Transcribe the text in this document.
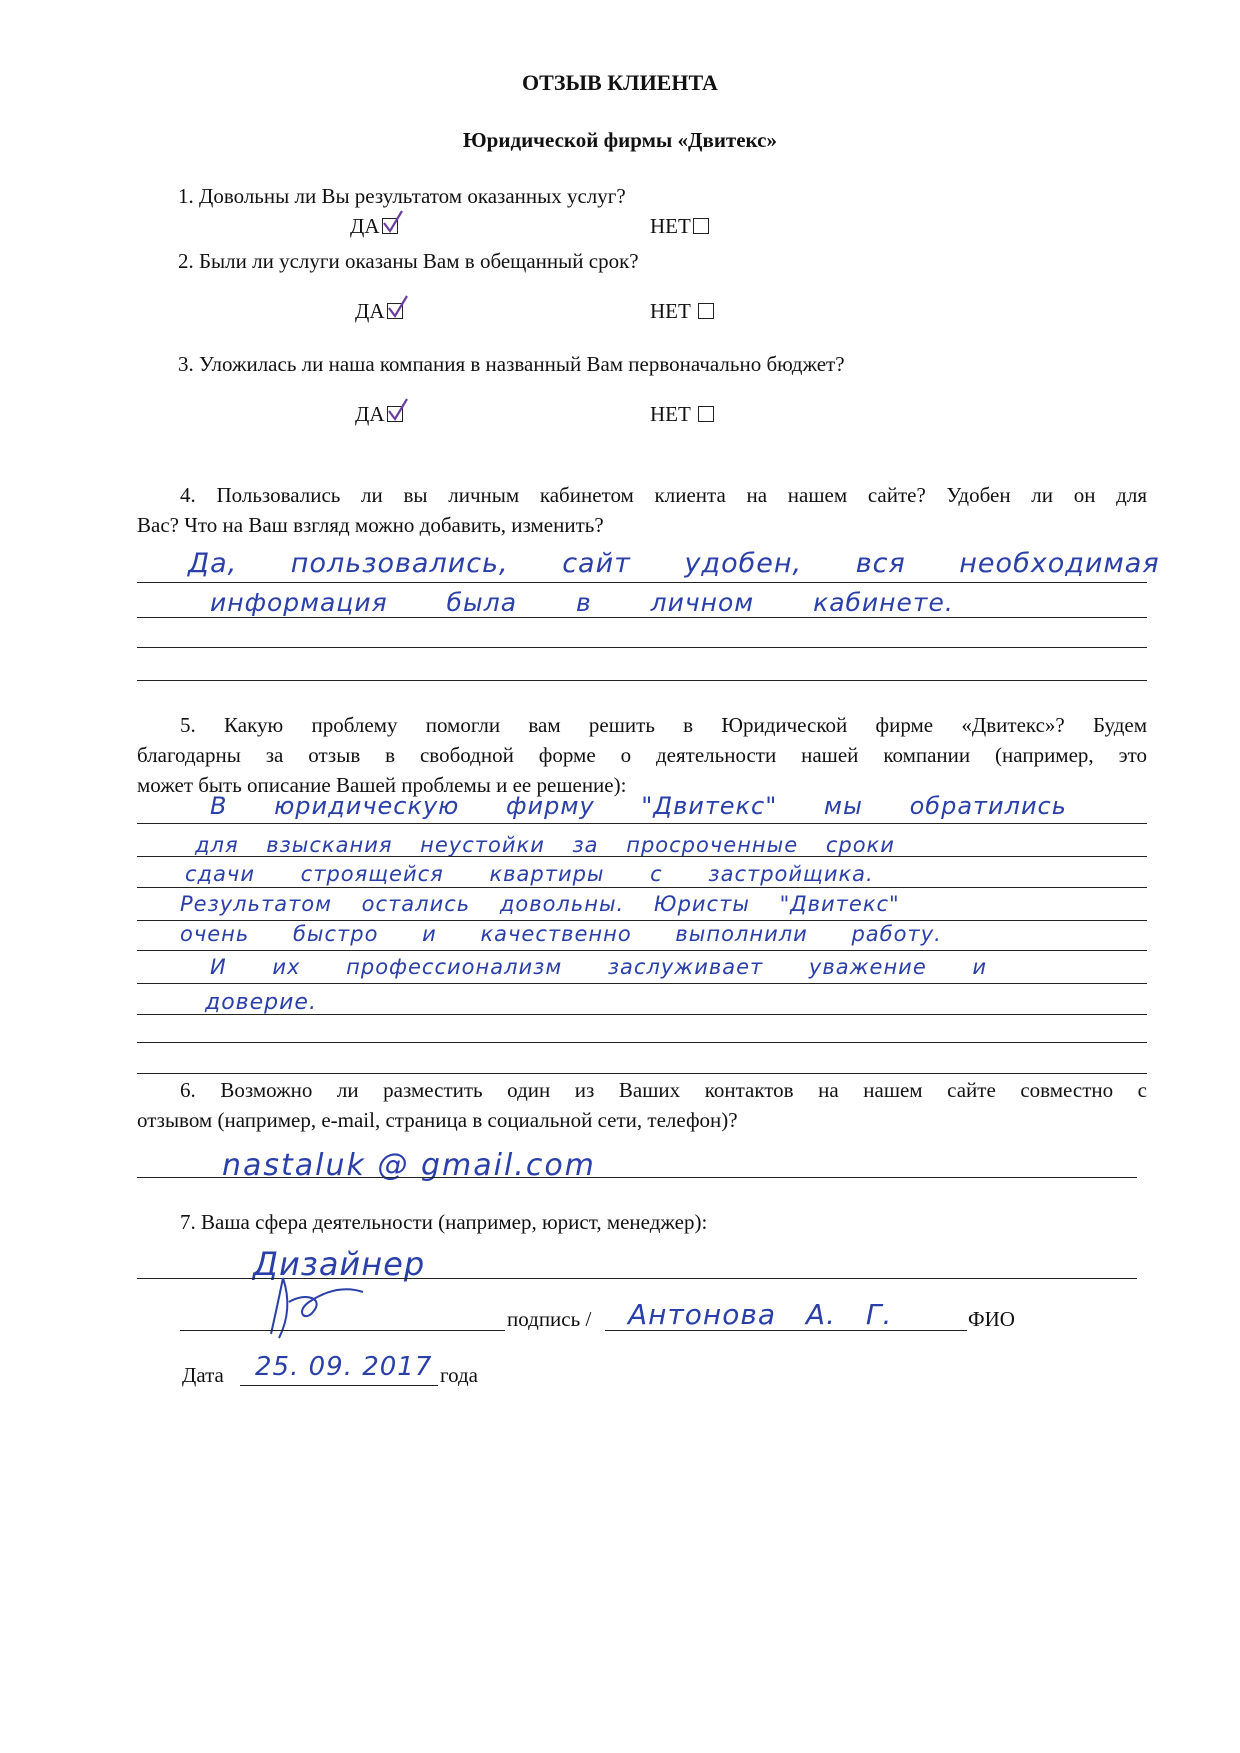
ОТЗЫВ КЛИЕНТА
Юридической фирмы «Двитекс»
1. Довольны ли Вы результатом оказанных услуг?
ДА	НЕТ
2. Были ли услуги оказаны Вам в обещанный срок?
ДА	НЕТ
3. Уложилась ли наша компания в названный Вам первоначально бюджет?
ДА	НЕТ
4. Пользовались ли вы личным кабинетом клиента на нашем сайте? Удобен ли он для
Вас? Что на Ваш взгляд можно добавить, изменить?
Да, пользовались, сайт удобен, вся необходимая
информация была в личном кабинете.
5. Какую проблему помогли вам решить в Юридической фирме «Двитекс»? Будем
благодарны за отзыв в свободной форме о деятельности нашей компании (например, это
может быть описание Вашей проблемы и ее решение):
В юридическую фирму "Двитекс" мы обратились
для взыскания неустойки за просроченные сроки
сдачи строящейся квартиры с застройщика.
Результатом остались довольны. Юристы "Двитекс"
очень быстро и качественно выполнили работу.
И их профессионализм заслуживает уважение и
доверие.
6. Возможно ли разместить один из Ваших контактов на нашем сайте совместно с
отзывом (например, e-mail, страница в социальной сети, телефон)?
nastaluk @ gmail.com
7. Ваша сфера деятельности (например, юрист, менеджер):
Дизайнер
подпись / Антонова А. Г.	ФИО
Дата 25. 09. 2017 года
